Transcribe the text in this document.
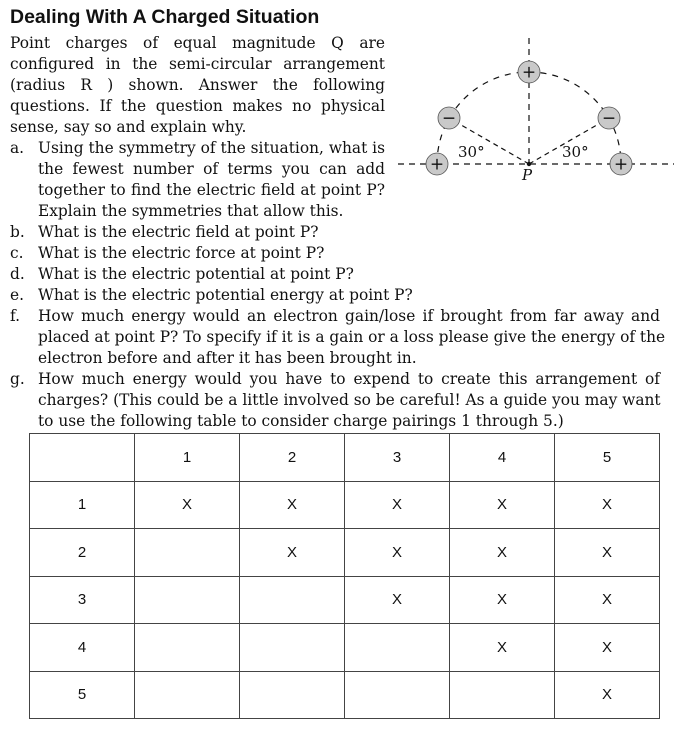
Dealing With A Charged Situation
Point charges of equal magnitude Q are
configured in the semi-circular arrangement
(radius R ) shown. Answer the following
questions. If the question makes no physical
sense, say so and explain why.
a. Using the symmetry of the situation, what is
the fewest number of terms you can add
together to find the electric field at point P?
Explain the symmetries that allow this.
b. What is the electric field at point P?
c. What is the electric force at point P?
d. What is the electric potential at point P?
e. What is the electric potential energy at point P?
f. How much energy would an electron gain/lose if brought from far away and
placed at point P? To specify if it is a gain or a loss please give the energy of the
electron before and after it has been brought in.
g. How much energy would you have to expend to create this arrangement of
charges? (This could be a little involved so be careful! As a guide you may want
to use the following table to consider charge pairings 1 through 5.)
+
−
+
−
+
30°	30°
P
	1	2	3	4	5
1	X	X	X	X	X
2		X	X	X	X
3			X	X	X
4				X	X
5					X
